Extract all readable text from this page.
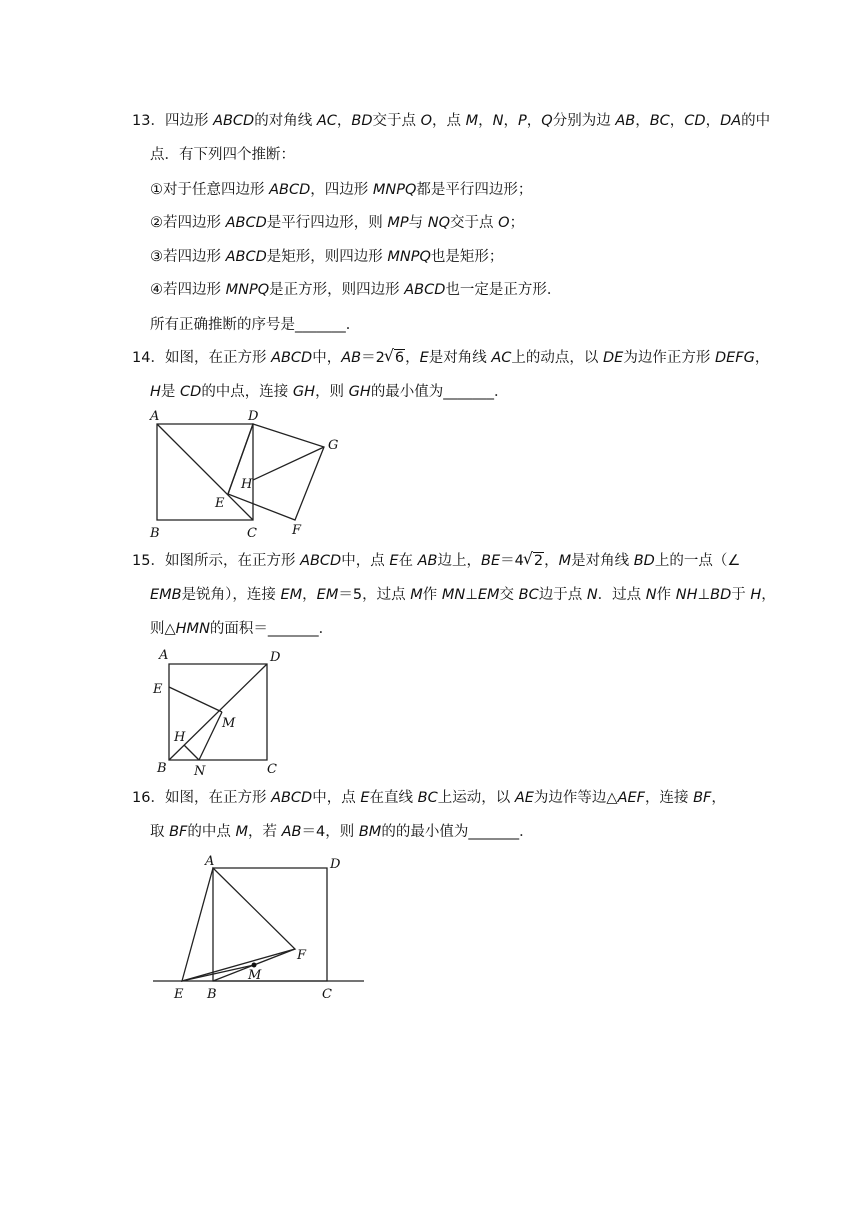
13．四边形 ABCD的对角线 AC，BD交于点 O，点 M，N，P，Q分别为边 AB，BC，CD，DA的中
点．有下列四个推断：
①对于任意四边形 ABCD，四边形 MNPQ都是平行四边形；
②若四边形 ABCD是平行四边形，则 MP与 NQ交于点 O；
③若四边形 ABCD是矩形，则四边形 MNPQ也是矩形；
④若四边形 MNPQ是正方形，则四边形 ABCD也一定是正方形．
所有正确推断的序号是_______．
14．如图，在正方形 ABCD中，AB＝2 √ 6，E是对角线 AC上的动点，以 DE为边作正方形 DEFG，
H是 CD的中点，连接 GH，则 GH的最小值为_______．
A	D
G
H
E
B	C	F
15．如图所示，在正方形 ABCD中，点 E在 AB边上，BE＝4 √ 2，M是对角线 BD上的一点（∠
EMB是锐角），连接 EM，EM＝5，过点 M作 MN⊥EM交 BC边于点 N．过点 N作 NH⊥BD于 H，
则△HMN的面积＝_______．
A	D
E
M
H
B N	C
16．如图，在正方形 ABCD中，点 E在直线 BC上运动，以 AE为边作等边△AEF，连接 BF，
取 BF的中点 M，若 AB＝4，则 BM的的最小值为_______．
A	D
F
M
E B	C
